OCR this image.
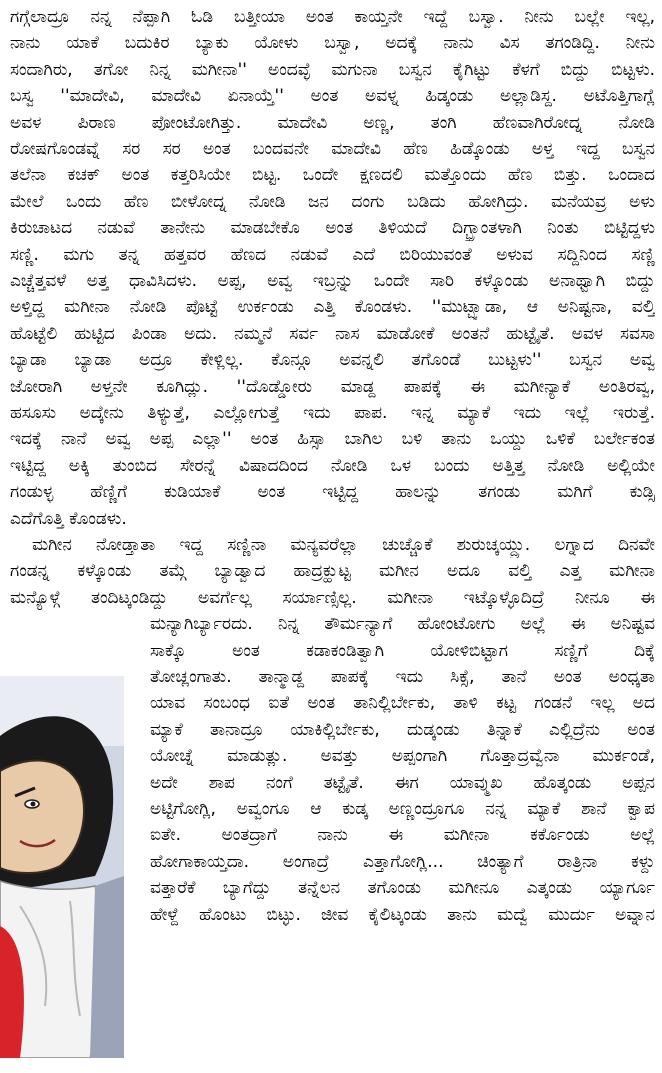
ಗಗ್ಗೆಲಾದ್ರೂ ನನ್ನ ನೆಪ್ಪಾಗಿ ಓಡಿ ಬತ್ತೀಯಾ ಅಂತ ಕಾಯ್ತನೇ ಇದ್ದೆ ಬಸ್ವಾ. ನೀನು ಬಲ್ಲೇ ಇಲ್ಲ,
ನಾನು ಯಾಕೆ ಬದುಕಿರ ಬ್ಯಾಕು ಯೋಳು ಬಸ್ವಾ, ಅದಕ್ಕೆ ನಾನು ವಿಸ ತಗಂಡಿದ್ದಿ. ನೀನು
ಸಂದಾಗಿರು, ತಗೋ ನಿನ್ನ ಮಗೀನಾ'' ಅಂದವ್ಳೆ ಮಗುನಾ ಬಸ್ವನ ಕೈಗಿಟ್ಟು ಕೆಳಗೆ ಬಿದ್ದು ಬಿಟ್ಟಳು.
ಬಸ್ವ ''ಮಾದೇವಿ, ಮಾದೇವಿ ಏನಾಯ್ತೆ'' ಅಂತ ಅವಳ್ನ ಹಿಡ್ಕಂಡು ಅಲ್ಲಾಡಿಸ್ದ. ಅಟೊತ್ತಿಗಾಗ್ಲೆ
ಅವಳ ಪಿರಾಣ ಪೋಂಟೋಗಿತ್ತು. ಮಾದೇವಿ ಅಣ್ಣ, ತಂಗಿ ಹೆಣವಾಗಿರೋದ್ನ ನೋಡಿ
ರೋಷಗೊಂಡವ್ನೆ ಸರ ಸರ ಅಂತ ಬಂದವನೇ ಮಾದೇವಿ ಹೆಣ ಹಿಡ್ಕೊಂಡು ಅಳ್ತ ಇದ್ದ ಬಸ್ವನ
ತಲೆನಾ ಕಚಕ್ ಅಂತ ಕತ್ತರಿಸಿಯೇ ಬಿಟ್ಟ. ಒಂದೇ ಕ್ಷಣದಲಿ ಮತ್ತೊಂದು ಹೆಣ ಬಿತ್ತು. ಒಂದಾದ
ಮೇಲೆ ಒಂದು ಹೆಣ ಬೀಳೋದ್ನ ನೋಡಿ ಜನ ದಂಗು ಬಡಿದು ಹೋಗಿದ್ರು. ಮನೆಯವ್ರ ಅಳು
ಕಿರುಚಾಟದ ನಡುವೆ ತಾನೇನು ಮಾಡಬೇಕೊ ಅಂತ ತಿಳಿಯದೆ ದಿಗ್ಭ್ರಾಂತಳಾಗಿ ನಿಂತು ಬಿಟ್ಟಿದ್ದಳು
ಸಣ್ಣಿ. ಮಗು ತನ್ನ ಹತ್ತವರ ಹೆಣದ ನಡುವೆ ಎದೆ ಬಿರಿಯುವಂತೆ ಅಳುವ ಸದ್ದಿನಿಂದ ಸಣ್ಣಿ
ಎಚ್ಚೆತ್ತವಳೆ ಅತ್ತ ಧಾವಿಸಿದಳು. ಅಪ್ಪ, ಅವ್ವ ಇಬ್ರನ್ನು ಒಂದೇ ಸಾರಿ ಕಳ್ಕೊಂಡು ಅನಾಥ್ವಾಗಿ ಬಿದ್ದು
ಅಳ್ತಿದ್ದ ಮಗೀನಾ ನೋಡಿ ಪೊಟ್ಟೆ ಉರ್ಕಂಡು ಎತ್ತಿ ಕೊಂಡಳು. ''ಮುಟ್ಬ್ಯಾಡಾ, ಆ ಅನಿಷ್ಟನಾ, ವಲ್ತಿ
ಹೊಟ್ಟೆಲಿ ಹುಟ್ಟಿದ ಪಿಂಡಾ ಅದು. ನಮ್ಮನೆ ಸರ್ವ ನಾಸ ಮಾಡೋಕೆ ಅಂತನೆ ಹುಟ್ಟೈತೆ. ಅವಳ ಸವಸಾ
ಬ್ಯಾಡಾ ಬ್ಯಾಡಾ ಅದ್ರೂ ಕೇಳ್ಲಿಲ್ಲ. ಕೊನ್ಗೂ ಅವನ್ನಲಿ ತಗೊಂಡೆ ಬುಟ್ಟಳು'' ಬಸ್ವನ ಅವ್ವ
ಜೋರಾಗಿ ಅಳ್ತನೇ ಕೂಗಿದ್ಲು. ''ದೊಡ್ಡೋರು ಮಾಡ್ದ ಪಾಪಕ್ಕೆ ಈ ಮಗೀನ್ಯಾಕೆ ಅಂತಿರವ್ವ,
ಹಸೂಸು ಅದ್ಕೇನು ತಿಳ್ಯುತ್ತೆ, ಎಲ್ಲೋಗುತ್ತೆ ಇದು ಪಾಪ. ಇನ್ನ ಮ್ಯಾಕೆ ಇದು ಇಲ್ಲೆ ಇರುತ್ತೆ.
ಇದಕ್ಕೆ ನಾನೆ ಅವ್ವ ಅಪ್ಪ ಎಲ್ಲಾ'' ಅಂತ ಹಿಸ್ಸಾ ಬಾಗಿಲ ಬಳಿ ತಾನು ಒಯ್ದು ಒಳಿಕೆ ಬರ್ಲೇಕಂತ
ಇಟ್ಟಿದ್ದ ಅಕ್ಕಿ ತುಂಬಿದ ಸೇರನ್ನೆ ವಿಷಾದದಿಂದ ನೋಡಿ ಒಳ ಬಂದು ಅತ್ತಿತ್ತ ನೋಡಿ ಅಲ್ಲಿಯೇ
ಗಂಡುಳ್ಳ ಹೆಣ್ಣಿಗೆ ಕುಡಿಯಾಕೆ ಅಂತ ಇಟ್ಟಿದ್ದ ಹಾಲನ್ನು ತಗಂಡು ಮಗಿಗೆ ಕುಡ್ಸಿ
ಎದೆಗೊತ್ತಿ ಕೊಂಡಳು.
ಮಗೀನ ನೋಡ್ತಾತಾ ಇದ್ದ ಸಣ್ಣಿನಾ ಮನ್ಯವರೆಲ್ಲಾ ಚುಚ್ಚೊಕೆ ಶುರುಚ್ಕಯ್ದ್ರು. ಲಗ್ನಾದ ದಿನವೇ
ಗಂಡನ್ನ ಕಳ್ಕೊಂಡು ತಮ್ಗೆ ಬ್ಯಾಡ್ವಾದ ಹಾದ್ರಕ್ಹುಟ್ಟ ಮಗೀನ ಅದೂ ವಲ್ತಿ ಎತ್ತ ಮಗೀನಾ
ಮನ್ಯೊಳ್ಗೆ ತಂದಿಟ್ಕಂಡಿದ್ದು ಅವರ್ಗೆಲ್ಲ ಸರ್ಯಾಣ್ಸಿಲ್ಲ. ಮಗೀನಾ ಇಟ್ಕೊಳ್ಳೊದಿದ್ರೆ ನೀನೂ ಈ
ಮನ್ಯಾಗಿರ್ಬ್ಯಾರದು. ನಿನ್ನ ತೌರ್ಮನ್ಯಾಗೆ ಹೋಂಟೋಗು ಅಲ್ಲೆ ಈ ಅನಿಷ್ಟವ
ಸಾಕ್ಕೊ ಅಂತ ಕಡಾಕಂಡಿತ್ವಾಗಿ ಯೋಳಿಬಿಟ್ಟಾಗ ಸಣ್ಣಿಗೆ ದಿಕ್ಕೆ
ತೋಚ್ಲಂಗಾತು. ತಾನ್ಮಾಡ್ದ ಪಾಪಕ್ಕೆ ಇದು ಸಿಕ್ಸೆ, ತಾನೆ ಅಂತ ಅಂಧ್ಕತಾ
ಯಾವ ಸಂಬಂಧ ಐತೆ ಅಂತ ತಾನಿಲ್ಲಿರ್ಬೇಕು, ತಾಳಿ ಕಟ್ಟ ಗಂಡನೆ ಇಲ್ಲ ಅದ
ಮ್ಯಾಕೆ ತಾನಾದ್ರೂ ಯಾಕಿಲ್ಲಿರ್ಬೇಕು, ದುಡ್ಕಂಡು ತಿನ್ನಾಕೆ ಎಲ್ಲಿದ್ರೆನು ಅಂತ
ಯೋಚ್ನೆ ಮಾಡುತ್ಲು. ಅವತ್ತು ಅಪ್ಪಂಗಾಗಿ ಗೊತ್ತಾದ್ರವ್ವೆನಾ ಮುರ್ಕಂಡೆ,
ಅದೇ ಶಾಪ ನಂಗೆ ತಟ್ಟೈತೆ. ಈಗ ಯಾವ್ಮುಖ ಹೊತ್ಕಂಡು ಅಪ್ಪನ
ಅಟ್ಟಿಗೋಗ್ಲಿ, ಅವ್ವಂಗೂ ಆ ಕುಡ್ಕ ಅಣ್ಣಂದ್ರೂಗೂ ನನ್ನ ಮ್ಯಾಕೆ ಶಾನೆ ಕ್ವಾಪ
ಐತೇ. ಅಂತದ್ರಾಗೆ ನಾನು ಈ ಮಗೀನಾ ಕರ್ಕೊಂಡು ಅಲ್ಲೆ
ಹೋಗಾಕಾಯ್ತದಾ. ಅಂಗಾದ್ರೆ ಎತ್ತಾಗೋಗ್ಲಿ... ಚಿಂತ್ಯಾಗೆ ರಾತ್ರಿನಾ ಕಳ್ದು
ವತ್ತಾರೆಕೆ ಬ್ಯಾಗೆದ್ದು ತನ್ನೆಲನ ತಗೊಂಡು ಮಗೀನೂ ಎತ್ಕಂಡು ಯ್ಯಾರ್ಗೂ
ಹೇಳ್ದೆ ಹೊಂಟು ಬಿಟ್ಳು. ಜೀವ ಕೈಲಿಟ್ಕಂಡು ತಾನು ಮದ್ವೆ ಮುರ್ದು ಅವ್ನಾನ
